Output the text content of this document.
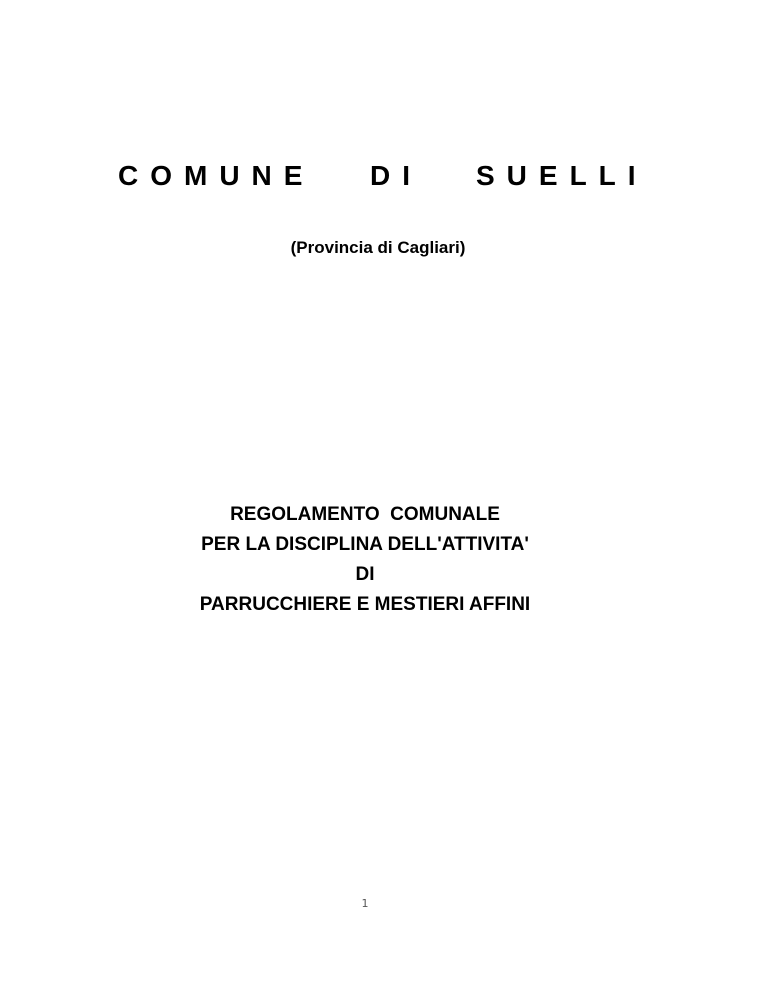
COMUNE DI SUELLI
(Provincia di Cagliari)
REGOLAMENTO  COMUNALE
PER LA DISCIPLINA DELL'ATTIVITA'
DI
PARRUCCHIERE E MESTIERI AFFINI
1
